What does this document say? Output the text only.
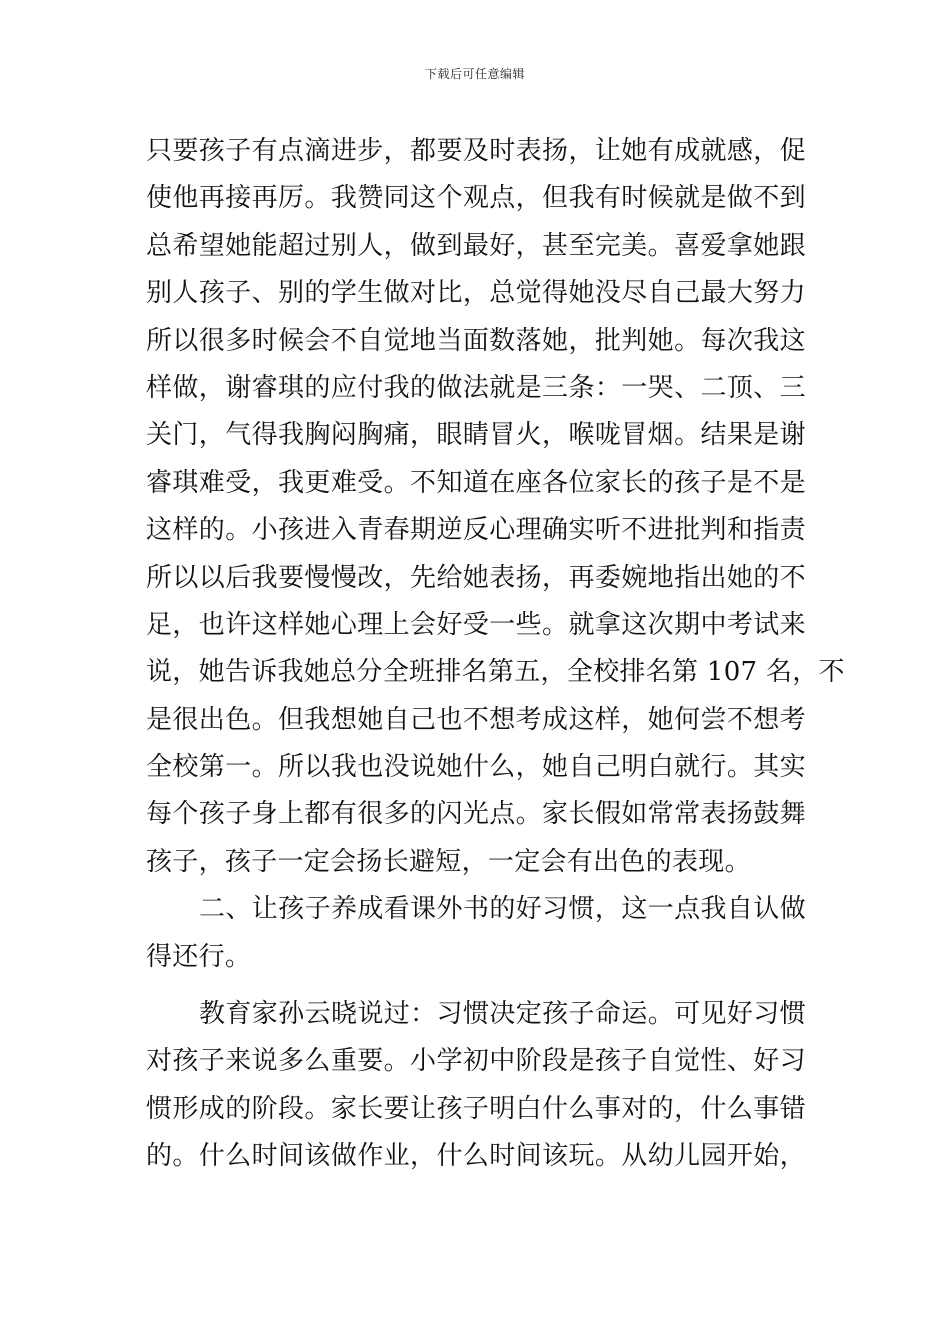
下载后可任意编辑
只要孩子有点滴进步，都要及时表扬，让她有成就感，促
使他再接再厉。我赞同这个观点，但我有时候就是做不到
总希望她能超过别人，做到最好，甚至完美。喜爱拿她跟
别人孩子、别的学生做对比，总觉得她没尽自己最大努力
所以很多时候会不自觉地当面数落她，批判她。每次我这
样做，谢睿琪的应付我的做法就是三条：一哭、二顶、三
关门，气得我胸闷胸痛，眼睛冒火，喉咙冒烟。结果是谢
睿琪难受，我更难受。不知道在座各位家长的孩子是不是
这样的。小孩进入青春期逆反心理确实听不进批判和指责
所以以后我要慢慢改，先给她表扬，再委婉地指出她的不
足，也许这样她心理上会好受一些。就拿这次期中考试来
说，她告诉我她总分全班排名第五，全校排名第 107 名，不
是很出色。但我想她自己也不想考成这样，她何尝不想考
全校第一。所以我也没说她什么，她自己明白就行。其实
每个孩子身上都有很多的闪光点。家长假如常常表扬鼓舞
孩子，孩子一定会扬长避短，一定会有出色的表现。
二、让孩子养成看课外书的好习惯，这一点我自认做
得还行。
教育家孙云晓说过：习惯决定孩子命运。可见好习惯
对孩子来说多么重要。小学初中阶段是孩子自觉性、好习
惯形成的阶段。家长要让孩子明白什么事对的，什么事错
的。什么时间该做作业，什么时间该玩。从幼儿园开始，
